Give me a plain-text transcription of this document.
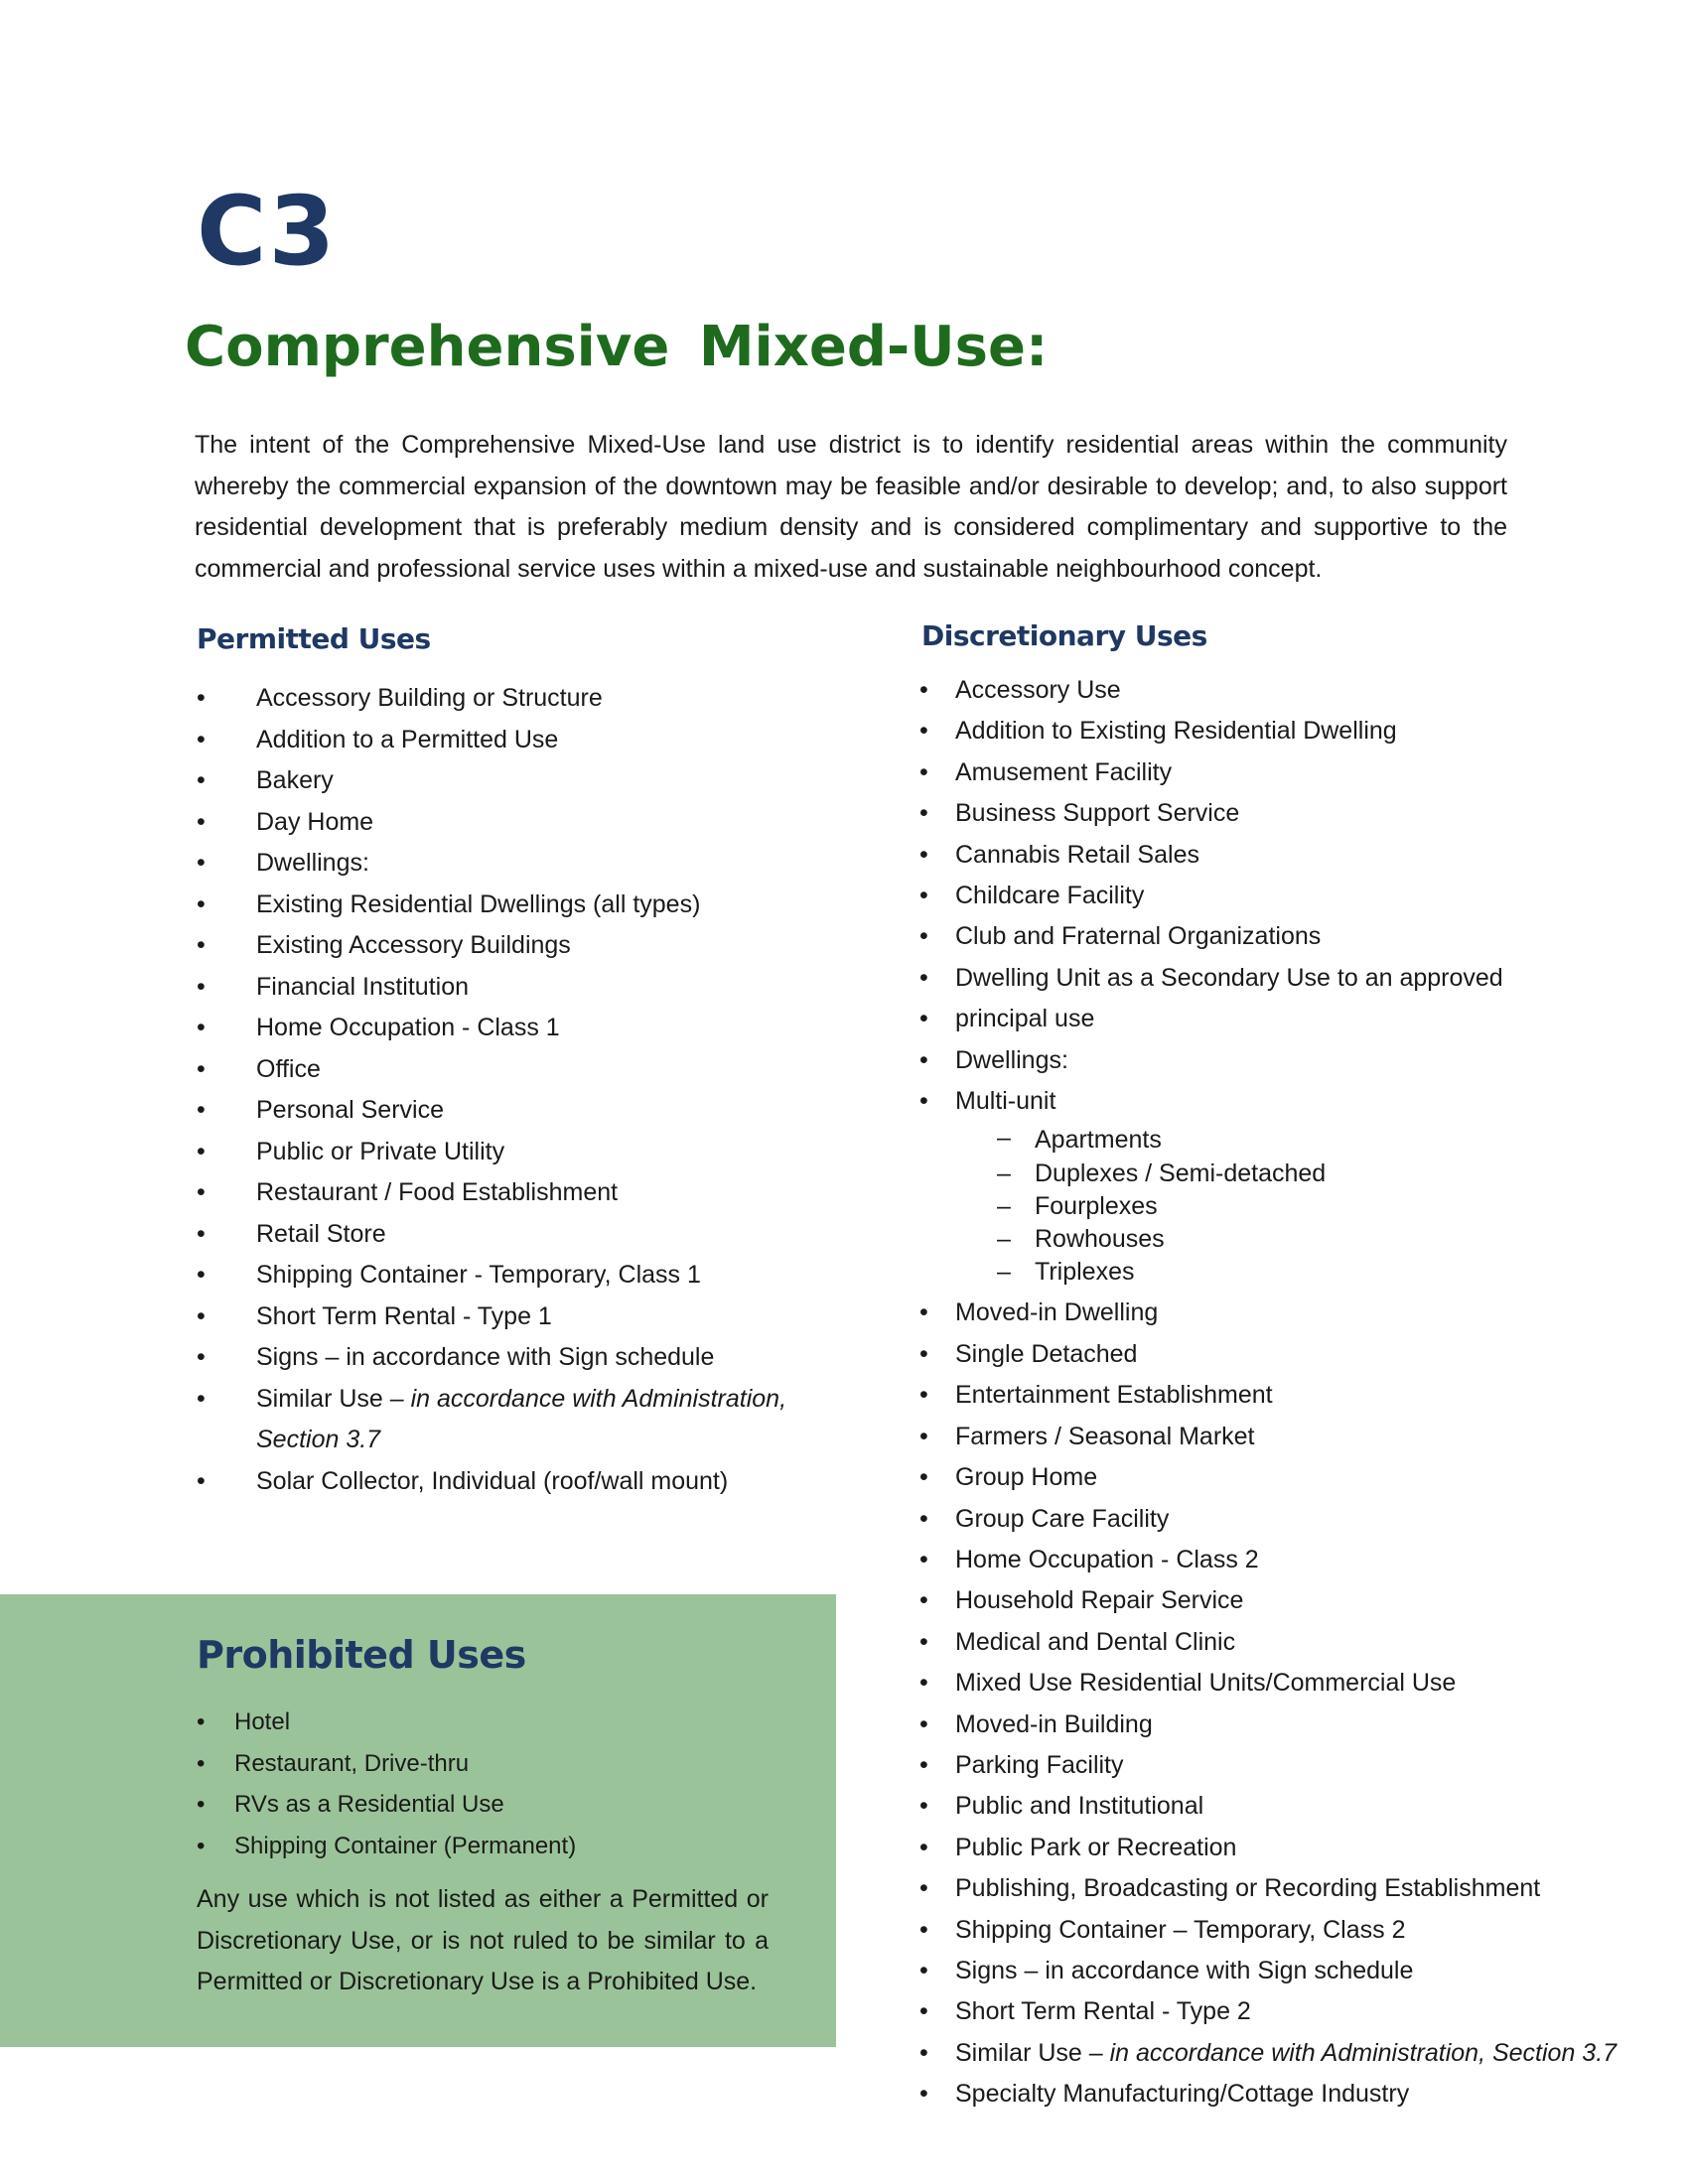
C3
Comprehensive Mixed-Use:
The intent of the Comprehensive Mixed-Use land use district is to identify residential areas within the community whereby the commercial expansion of the downtown may be feasible and/or desirable to develop; and, to also support residential development that is preferably medium density and is considered complimentary and supportive to the commercial and professional service uses within a mixed-use and sustainable neighbourhood concept.
Permitted Uses
• Accessory Building or Structure
• Addition to a Permitted Use
• Bakery
• Day Home
• Dwellings:
• Existing Residential Dwellings (all types)
• Existing Accessory Buildings
• Financial Institution
• Home Occupation - Class 1
• Office
• Personal Service
• Public or Private Utility
• Restaurant / Food Establishment
• Retail Store
• Shipping Container - Temporary, Class 1
• Short Term Rental - Type 1
• Signs – in accordance with Sign schedule
• Similar Use – in accordance with Administration,
Section 3.7
• Solar Collector, Individual (roof/wall mount)
Discretionary Uses
• Accessory Use
• Addition to Existing Residential Dwelling
• Amusement Facility
• Business Support Service
• Cannabis Retail Sales
• Childcare Facility
• Club and Fraternal Organizations
• Dwelling Unit as a Secondary Use to an approved
• principal use
• Dwellings:
• Multi-unit
– Apartments
– Duplexes / Semi-detached
– Fourplexes
– Rowhouses
– Triplexes
• Moved-in Dwelling
• Single Detached
• Entertainment Establishment
• Farmers / Seasonal Market
• Group Home
• Group Care Facility
• Home Occupation - Class 2
• Household Repair Service
• Medical and Dental Clinic
• Mixed Use Residential Units/Commercial Use
• Moved-in Building
• Parking Facility
• Public and Institutional
• Public Park or Recreation
• Publishing, Broadcasting or Recording Establishment
• Shipping Container – Temporary, Class 2
• Signs – in accordance with Sign schedule
• Short Term Rental - Type 2
• Similar Use – in accordance with Administration, Section 3.7
• Specialty Manufacturing/Cottage Industry
Prohibited Uses
• Hotel
• Restaurant, Drive-thru
• RVs as a Residential Use
• Shipping Container (Permanent)
Any use which is not listed as either a Permitted or Discretionary Use, or is not ruled to be similar to a Permitted or Discretionary Use is a Prohibited Use.
